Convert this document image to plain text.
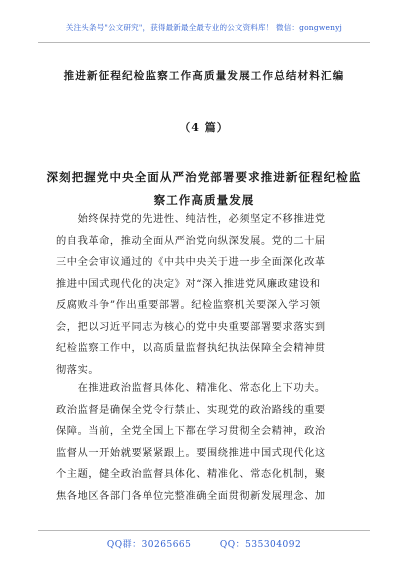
关注头条号"公文研究"，获得最新最全最专业的公文资料库！ 微信：gongwenyj
推进新征程纪检监察工作高质量发展工作总结材料汇编
（4 篇）
深刻把握党中央全面从严治党部署要求推进新征程纪检监
察工作高质量发展
　　始终保持党的先进性、纯洁性，必须坚定不移推进党
的自我革命，推动全面从严治党向纵深发展。党的二十届
三中全会审议通过的《中共中央关于进一步全面深化改革
推进中国式现代化的决定》对“深入推进党风廉政建设和
反腐败斗争”作出重要部署。纪检监察机关要深入学习领
会，把以习近平同志为核心的党中央重要部署要求落实到
纪检监察工作中，以高质量监督执纪执法保障全会精神贯
彻落实。
　　在推进政治监督具体化、精准化、常态化上下功夫。
政治监督是确保全党令行禁止、实现党的政治路线的重要
保障。当前，全党全国上下都在学习贯彻全会精神，政治
监督从一开始就要紧紧跟上。要围绕推进中国式现代化这
个主题，健全政治监督具体化、精准化、常态化机制，聚
焦各地区各部门各单位完整准确全面贯彻新发展理念、加
QQ群：30265665　　　QQ：535304092
